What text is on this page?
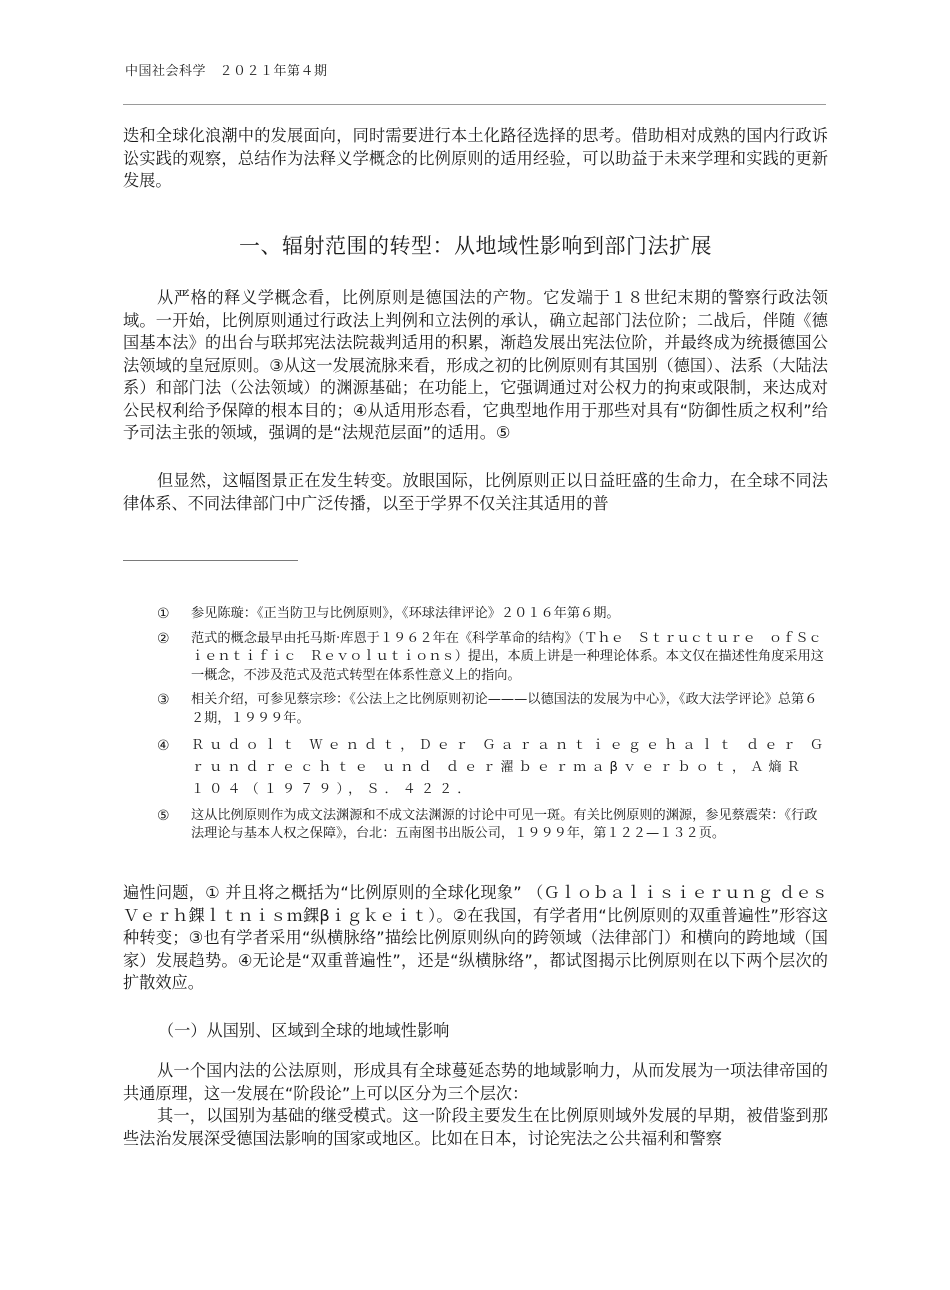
中国社会科学　２０２１年第４期

迭和全球化浪潮中的发展面向，同时需要进行本土化路径选择的思考。借助相对成熟的国内行政诉讼实践的观察，总结作为法释义学概念的比例原则的适用经验，可以助益于未来学理和实践的更新发展。

一、辐射范围的转型：从地域性影响到部门法扩展

从严格的释义学概念看，比例原则是德国法的产物。它发端于１８世纪末期的警察行政法领域。一开始，比例原则通过行政法上判例和立法例的承认，确立起部门法位阶；二战后，伴随《德国基本法》的出台与联邦宪法法院裁判适用的积累，渐趋发展出宪法位阶，并最终成为统摄德国公法领域的皇冠原则。③从这一发展流脉来看，形成之初的比例原则有其国别（德国）、法系（大陆法系）和部门法（公法领域）的渊源基础；在功能上，它强调通过对公权力的拘束或限制，来达成对公民权利给予保障的根本目的；④从适用形态看，它典型地作用于那些对具有“防御性质之权利”给予司法主张的领域，强调的是“法规范层面”的适用。⑤

但显然，这幅图景正在发生转变。放眼国际，比例原则正以日益旺盛的生命力，在全球不同法律体系、不同法律部门中广泛传播，以至于学界不仅关注其适用的普

① 参见陈璇：《正当防卫与比例原则》，《环球法律评论》２０１６年第６期。
② 范式的概念最早由托马斯·库恩于１９６２年在《科学革命的结构》（Ｔｈｅ　Ｓｔｒｕｃｔｕｒｅ　ｏｆＳｃｉｅｎｔｉｆｉｃ　Ｒｅｖｏｌｕｔｉｏｎｓ）提出，本质上讲是一种理论体系。本文仅在描述性角度采用这一概念，不涉及范式及范式转型在体系性意义上的指向。
③ 相关介绍，可参见蔡宗珍：《公法上之比例原则初论———以德国法的发展为中心》，《政大法学评论》总第６２期，１９９９年。
④ Ｒｕｄｏｌｔ Ｗｅｎｄｔ，Ｄｅｒ Ｇａｒａｎｔｉｅｇｅｈａｌｔ ｄｅｒ Ｇｒｕｎｄｒｅｃｈｔｅ ｕｎｄ ｄｅｒ濯ｂｅｒｍａβｖｅｒｂｏｔ，Ａ熵Ｒ　１０４（１９７９），Ｓ．４２２．
⑤ 这从比例原则作为成文法渊源和不成文法渊源的讨论中可见一斑。有关比例原则的渊源，参见蔡震荣：《行政法理论与基本人权之保障》，台北：五南图书出版公司，１９９９年，第１２２—１３２页。

遍性问题，① 并且将之概括为“比例原则的全球化现象” （Ｇｌｏｂａｌｉｓｉｅｒｕｎｇ ｄｅｓＶｅｒｈ錁ｌｔｎｉｓｍ錁βｉｇｋｅｉｔ）。②在我国，有学者用“比例原则的双重普遍性”形容这种转变；③也有学者采用“纵横脉络”描绘比例原则纵向的跨领域（法律部门）和横向的跨地域（国家）发展趋势。④无论是“双重普遍性”，还是“纵横脉络”，都试图揭示比例原则在以下两个层次的扩散效应。

（一）从国别、区域到全球的地域性影响

从一个国内法的公法原则，形成具有全球蔓延态势的地域影响力，从而发展为一项法律帝国的共通原理，这一发展在“阶段论”上可以区分为三个层次：

其一，以国别为基础的继受模式。这一阶段主要发生在比例原则域外发展的早期，被借鉴到那些法治发展深受德国法影响的国家或地区。比如在日本，讨论宪法之公共福利和警察
